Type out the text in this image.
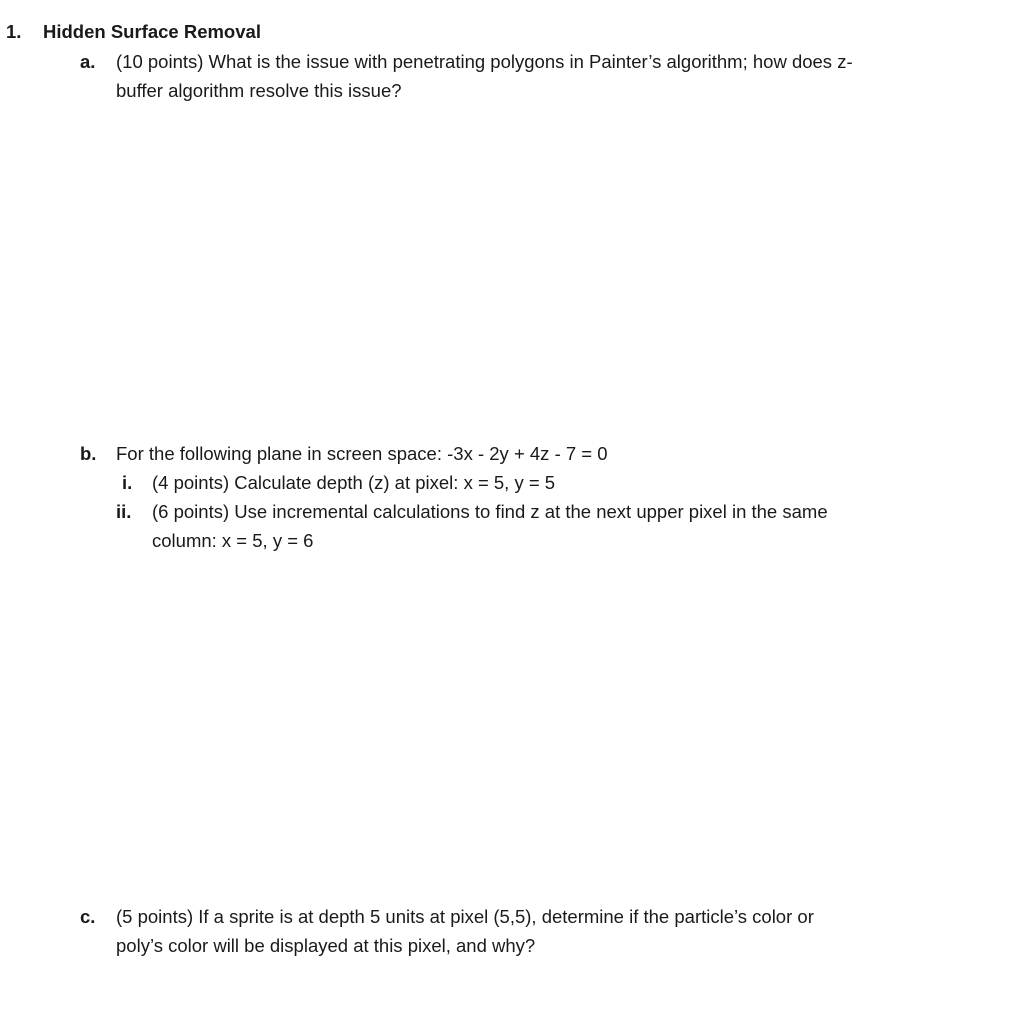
1. Hidden Surface Removal
a. (10 points) What is the issue with penetrating polygons in Painter’s algorithm; how does z-
buffer algorithm resolve this issue?
b. For the following plane in screen space: -3x - 2y + 4z - 7 = 0
i. (4 points) Calculate depth (z) at pixel: x = 5, y = 5
ii. (6 points) Use incremental calculations to find z at the next upper pixel in the same
column: x = 5, y = 6
c. (5 points) If a sprite is at depth 5 units at pixel (5,5), determine if the particle’s color or
poly’s color will be displayed at this pixel, and why?
